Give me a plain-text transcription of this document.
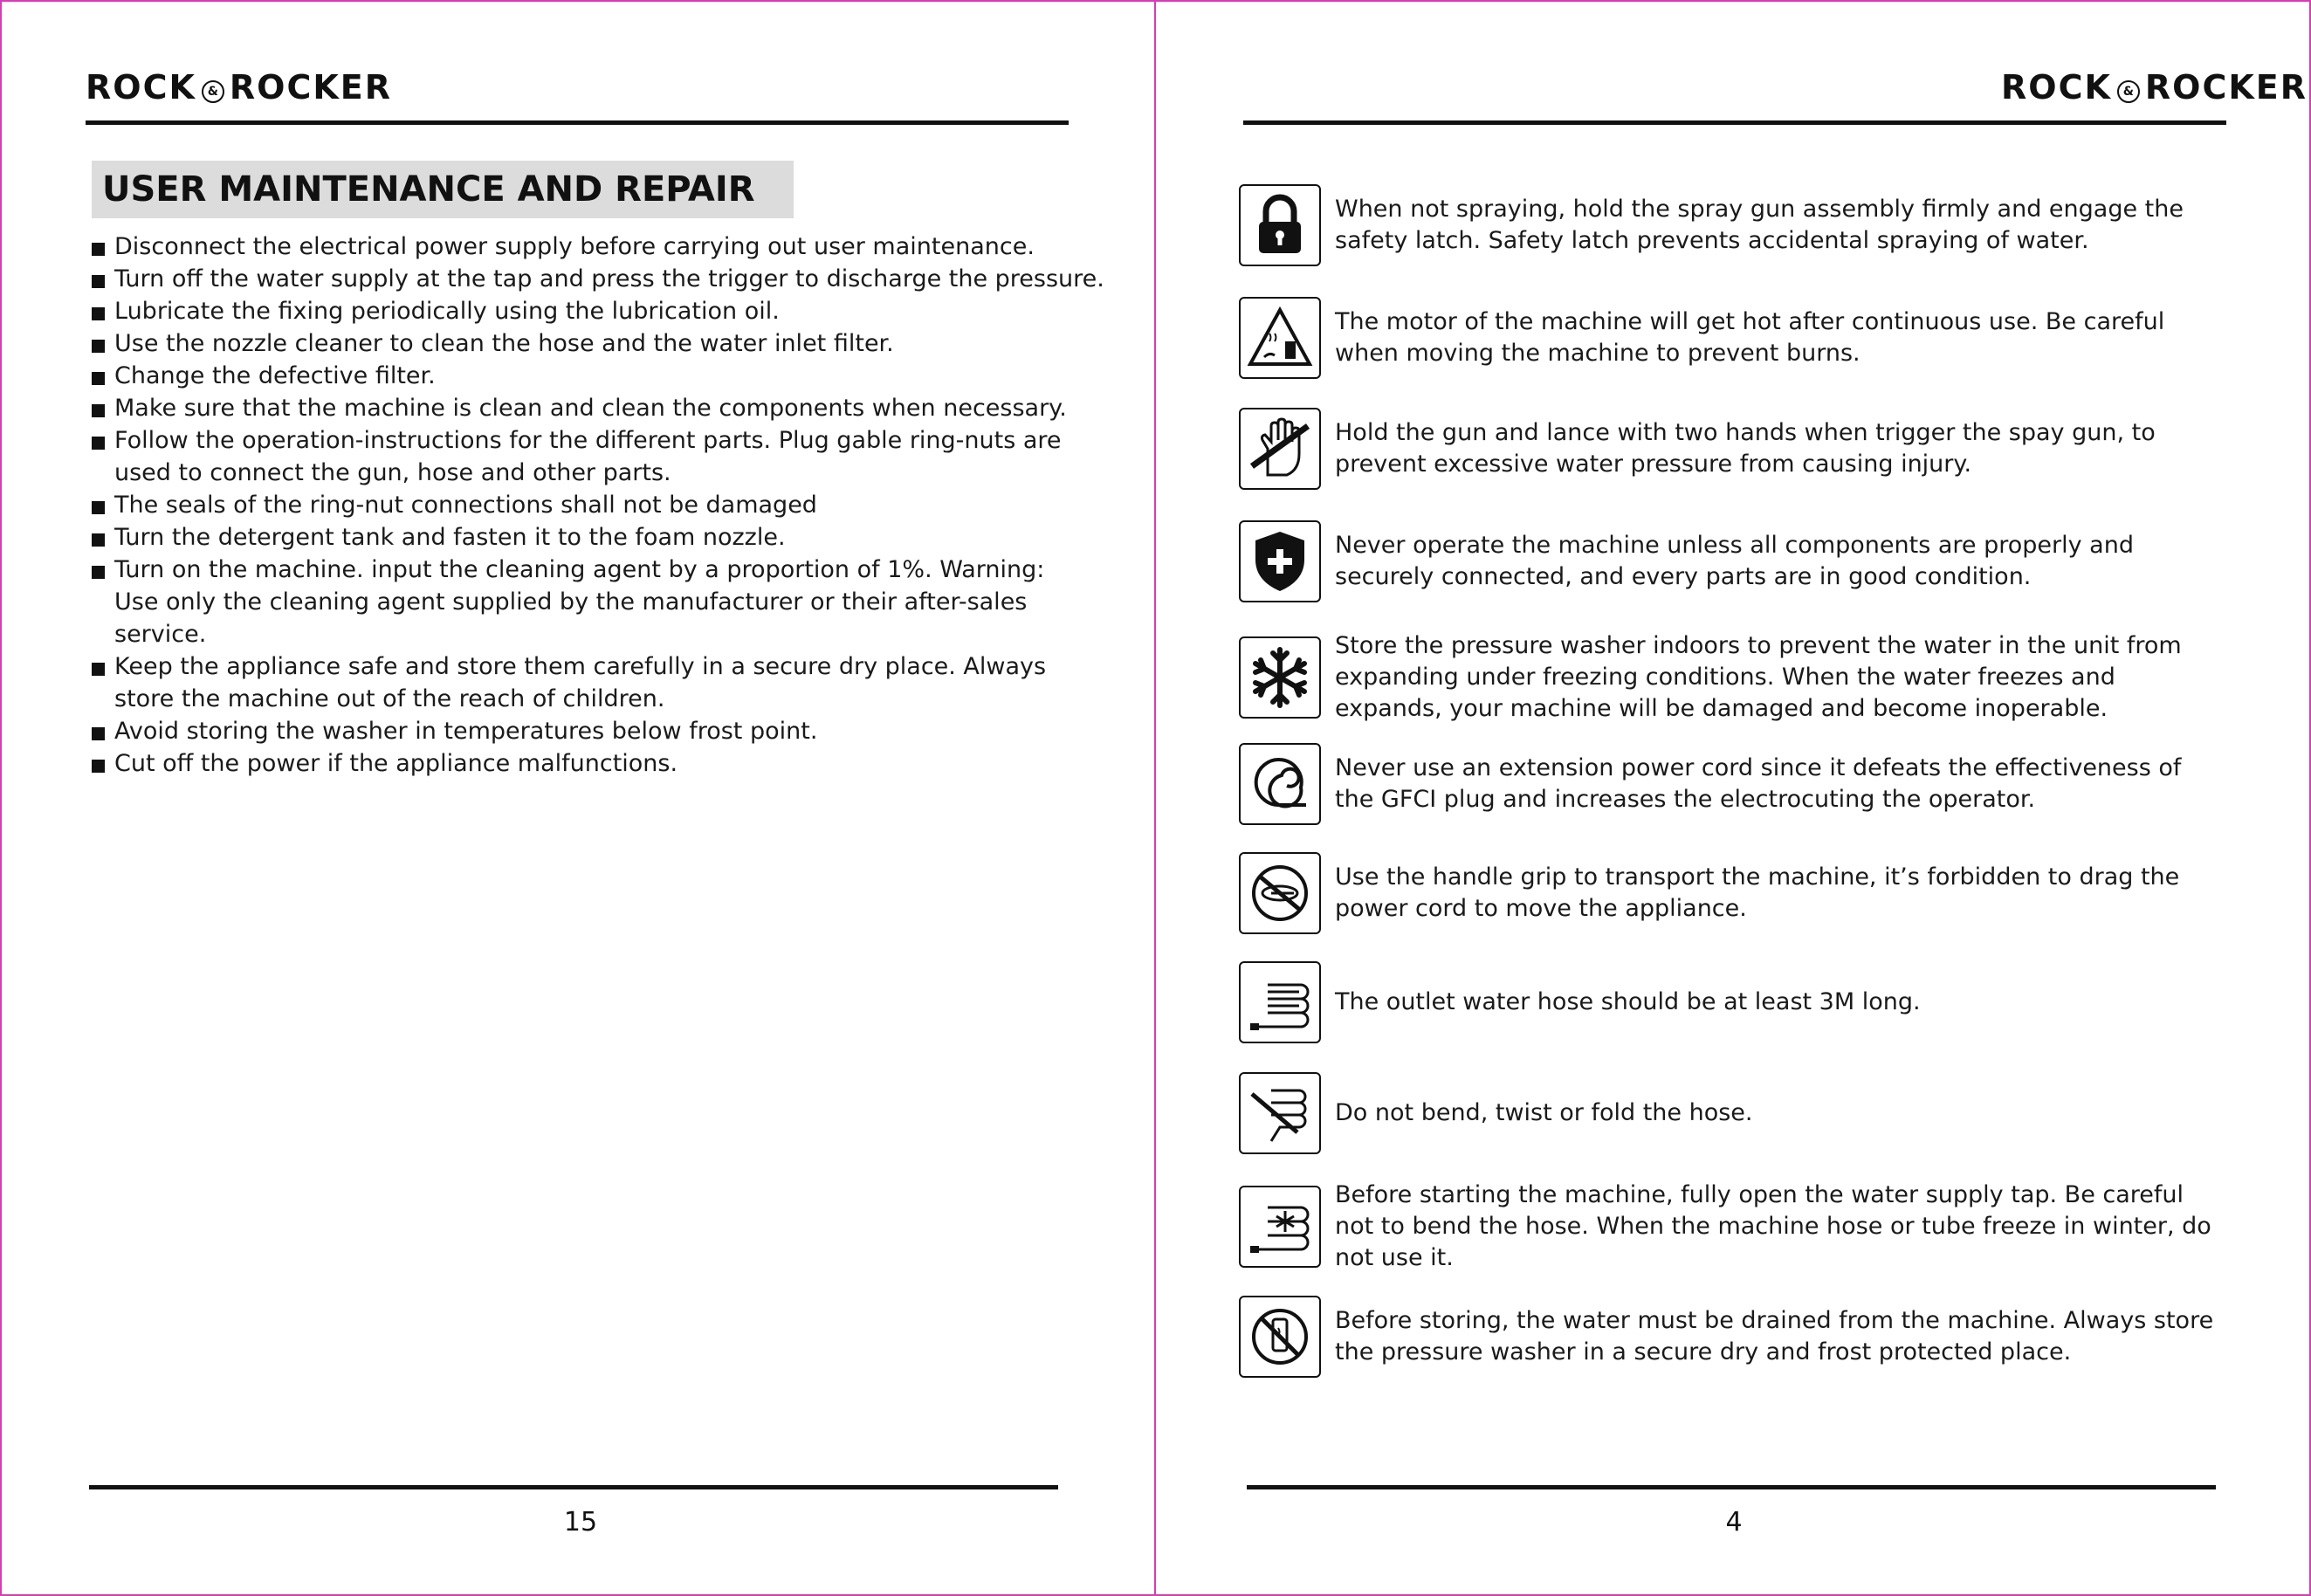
ROCK & ROCKER
USER MAINTENANCE AND REPAIR
Disconnect the electrical power supply before carrying out user maintenance.
Turn off the water supply at the tap and press the trigger to discharge the pressure.
Lubricate the fixing periodically using the lubrication oil.
Use the nozzle cleaner to clean the hose and the water inlet filter.
Change the defective filter.
Make sure that the machine is clean and clean the components when necessary.
Follow the operation-instructions for the different parts. Plug gable ring-nuts are used to connect the gun, hose and other parts.
The seals of the ring-nut connections shall not be damaged
Turn the detergent tank and fasten it to the foam nozzle.
Turn on the machine. input the cleaning agent by a proportion of 1%. Warning: Use only the cleaning agent supplied by the manufacturer or their after-sales service.
Keep the appliance safe and store them carefully in a secure dry place. Always store the machine out of the reach of children.
Avoid storing the washer in temperatures below frost point.
Cut off the power if the appliance malfunctions.
15
ROCK & ROCKER
4
When not spraying, hold the spray gun assembly firmly and engage the safety latch. Safety latch prevents accidental spraying of water.
The motor of the machine will get hot after continuous use. Be careful when moving the machine to prevent burns.
Hold the gun and lance with two hands when trigger the spay gun, to prevent excessive water pressure from causing injury.
Never operate the machine unless all components are properly and securely connected, and every parts are in good condition.
Store the pressure washer indoors to prevent the water in the unit from expanding under freezing conditions. When the water freezes and expands, your machine will be damaged and become inoperable.
Never use an extension power cord since it defeats the effectiveness of the GFCI plug and increases the electrocuting the operator.
Use the handle grip to transport the machine, it’s forbidden to drag the power cord to move the appliance.
The outlet water hose should be at least 3M long.
Do not bend, twist or fold the hose.
Before starting the machine, fully open the water supply tap. Be careful not to bend the hose. When the machine hose or tube freeze in winter, do not use it.
Before storing, the water must be drained from the machine. Always store the pressure washer in a secure dry and frost protected place.
